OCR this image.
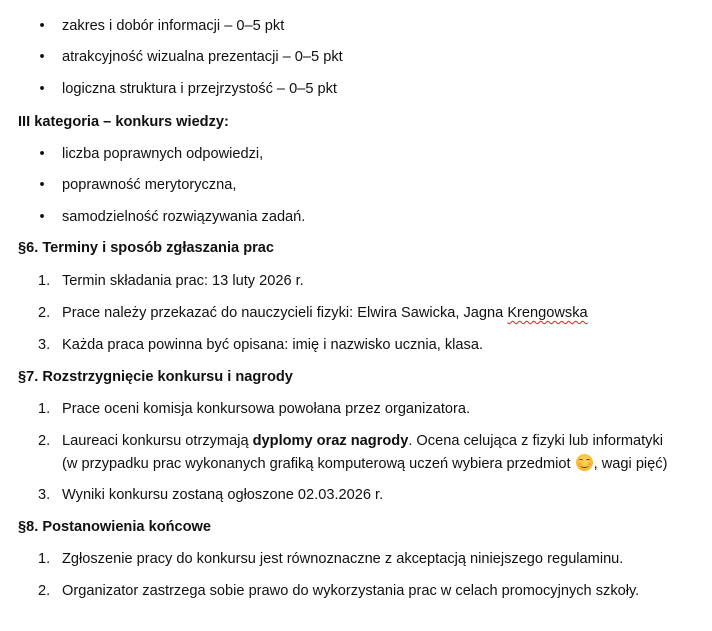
• zakres i dobór informacji – 0–5 pkt
• atrakcyjność wizualna prezentacji – 0–5 pkt
• logiczna struktura i przejrzystość – 0–5 pkt
III kategoria – konkurs wiedzy:
• liczba poprawnych odpowiedzi,
• poprawność merytoryczna,
• samodzielność rozwiązywania zadań.
§6. Terminy i sposób zgłaszania prac
1. Termin składania prac: 13 luty 2026 r.
2. Prace należy przekazać do nauczycieli fizyki: Elwira Sawicka, Jagna Krengowska
3. Każda praca powinna być opisana: imię i nazwisko ucznia, klasa.
§7. Rozstrzygnięcie konkursu i nagrody
1. Prace oceni komisja konkursowa powołana przez organizatora.
2. Laureaci konkursu otrzymają dyplomy oraz nagrody. Ocena celująca z fizyki lub informatyki
(w przypadku prac wykonanych grafiką komputerową uczeń wybiera przedmiot
, wagi pięć)
3. Wyniki konkursu zostaną ogłoszone 02.03.2026 r.
§8. Postanowienia końcowe
1. Zgłoszenie pracy do konkursu jest równoznaczne z akceptacją niniejszego regulaminu.
2. Organizator zastrzega sobie prawo do wykorzystania prac w celach promocyjnych szkoły.
